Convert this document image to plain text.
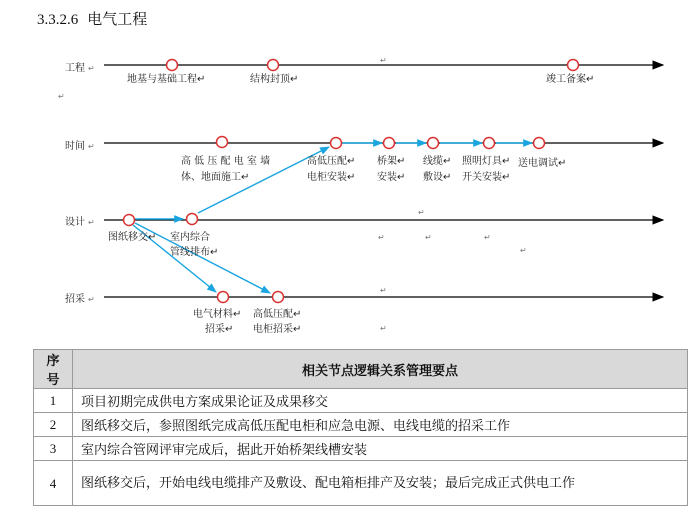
3.3.2.6 电气工程
工程
时间
设计
招采
↵
↵
↵
↵
地基与基础工程↵	结构封顶↵	竣工备案↵
高 低 压 配 电 室 墙
体、地面施工↵
高低压配↵
电柜安装↵
桥架↵
安装↵
线缆↵
敷设↵
照明灯具↵
开关安装↵
送电调试↵
图纸移交↵ 室内综合
管线排布↵
电气材料↵
招采↵
高低压配↵
电柜招采↵
↵
↵
↵
↵	↵	↵
↵
↵
↵
序号	相关节点逻辑关系管理要点
1	项目初期完成供电方案成果论证及成果移交
2	图纸移交后，参照图纸完成高低压配电柜和应急电源、电线电缆的招采工作
3	室内综合管网评审完成后，据此开始桥架线槽安装
4	图纸移交后，开始电线电缆排产及敷设、配电箱柜排产及安装；最后完成正式供电工作
